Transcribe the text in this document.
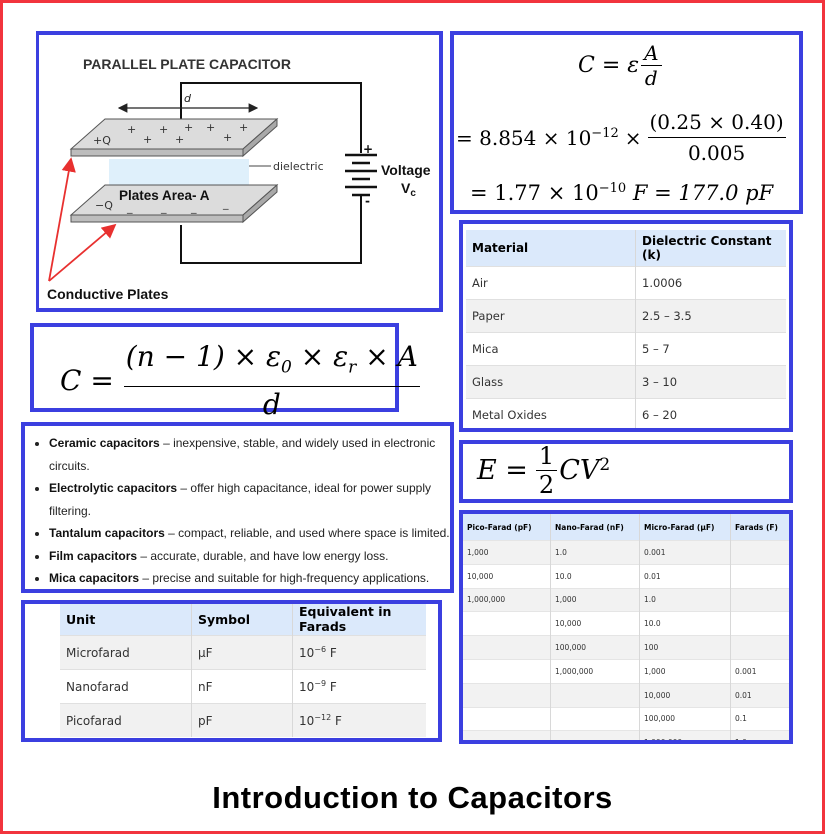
PARALLEL PLATE CAPACITOR
d
+ + + + +
+ +	+
+Q
−Q _	_ _ _
Plates Area- A
dielectric
+
-
Voltage
$V_c$
Conductive Plates
C = ε A
d
= $8.854 \times 10^{-12} \times \frac{(0.25 \times 0.40)}{0.005}$
= $1.77 \times 10^{-10}$ F = 177.0 pF
Material	Dielectric Constant (k)
Air	1.0006
Paper	2.5 – 3.5
Mica	5 – 7
Glass	3 – 10
Metal Oxides	6 – 20
$C = \frac{(n - 1) \times \varepsilon_0 \times \varepsilon_r \times A}{d}$
• Ceramic capacitors – inexpensive, stable, and widely used in electronic circuits.
• Electrolytic capacitors – offer high capacitance, ideal for power supply filtering.
• Tantalum capacitors – compact, reliable, and used where space is limited.
• Film capacitors – accurate, durable, and have low energy loss.
• Mica capacitors – precise and suitable for high-frequency applications.
$E = \frac{1}{2} CV^2$
Unit	Symbol	Equivalent in Farads
Microfarad	µF	$10^{-6}$ F
Nanofarad	nF	$10^{-9}$ F
Picofarad	pF	$10^{-12}$ F
Pico-Farad (pF)	Nano-Farad (nF)	Micro-Farad (µF)	Farads (F)
1,000	1.0	0.001	
10,000	10.0	0.01	
1,000,000	1,000	1.0	
	10,000	10.0	
	100,000	100	
	1,000,000	1,000	0.001
		10,000	0.01
		100,000	0.1
		1,000,000	1.0
Introduction to Capacitors
